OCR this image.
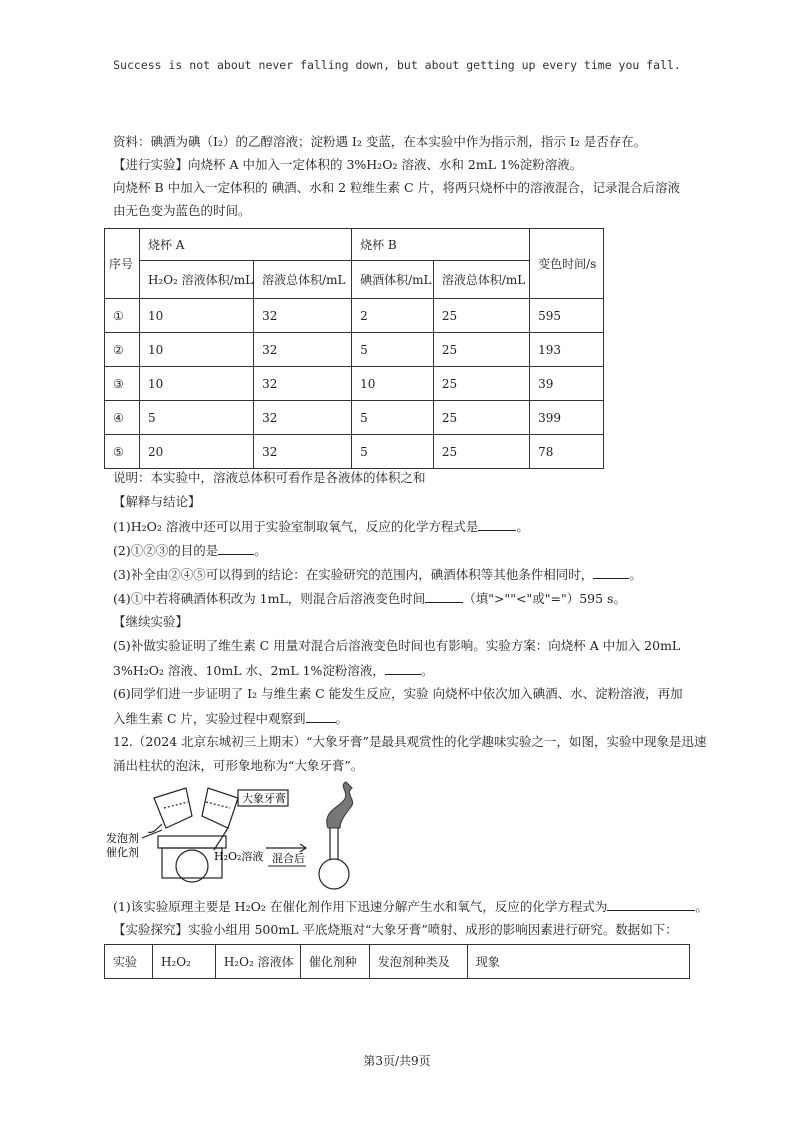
Success is not about never falling down, but about getting up every time you fall.
资料：碘酒为碘（I₂）的乙醇溶液；淀粉遇 I₂ 变蓝，在本实验中作为指示剂，指示 I₂ 是否存在。
【进行实验】向烧杯 A 中加入一定体积的 3%H₂O₂ 溶液、水和 2mL 1%淀粉溶液。
向烧杯 B 中加入一定体积的 碘酒、水和 2 粒维生素 C 片，将两只烧杯中的溶液混合，记录混合后溶液
由无色变为蓝色的时间。
序号	烧杯 A		烧杯 B		变色时间/s
	H₂O₂ 溶液体积/mL	溶液总体积/mL	碘酒体积/mL	溶液总体积/mL	
①	10	32	2	25	595
②	10	32	5	25	193
③	10	32	10	25	39
④	5	32	5	25	399
⑤	20	32	5	25	78
说明：本实验中，溶液总体积可看作是各液体的体积之和
【解释与结论】
(1)H₂O₂ 溶液中还可以用于实验室制取氧气，反应的化学方程式是	。
(2)①②③的目的是	。
(3)补全由②④⑤可以得到的结论：在实验研究的范围内，碘酒体积等其他条件相同时，	。
(4)①中若将碘酒体积改为 1mL，则混合后溶液变色时间	（填">""<"或"="）595 s。
【继续实验】
(5)补做实验证明了维生素 C 用量对混合后溶液变色时间也有影响。实验方案：向烧杯 A 中加入 20mL
3%H₂O₂ 溶液、10mL 水、2mL 1%淀粉溶液，	。
(6)同学们进一步证明了 I₂ 与维生素 C 能发生反应，实验 向烧杯中依次加入碘酒、水、淀粉溶液，再加
入维生素 C 片，实验过程中观察到 。
12.（2024 北京东城初三上期末）“大象牙膏”是最具观赏性的化学趣味实验之一，如图，实验中现象是迅速
涌出柱状的泡沫，可形象地称为“大象牙膏”。
大象牙膏
发泡剂
催化剂	H₂O₂溶液 混合后
(1)该实验原理主要是 H₂O₂ 在催化剂作用下迅速分解产生水和氧气，反应的化学方程式为	。
【实验探究】实验小组用 500mL 平底烧瓶对“大象牙膏”喷射、成形的影响因素进行研究。数据如下：
实验	H₂O₂	H₂O₂ 溶液体	催化剂种	发泡剂种类及	现象
第3页/共9页
